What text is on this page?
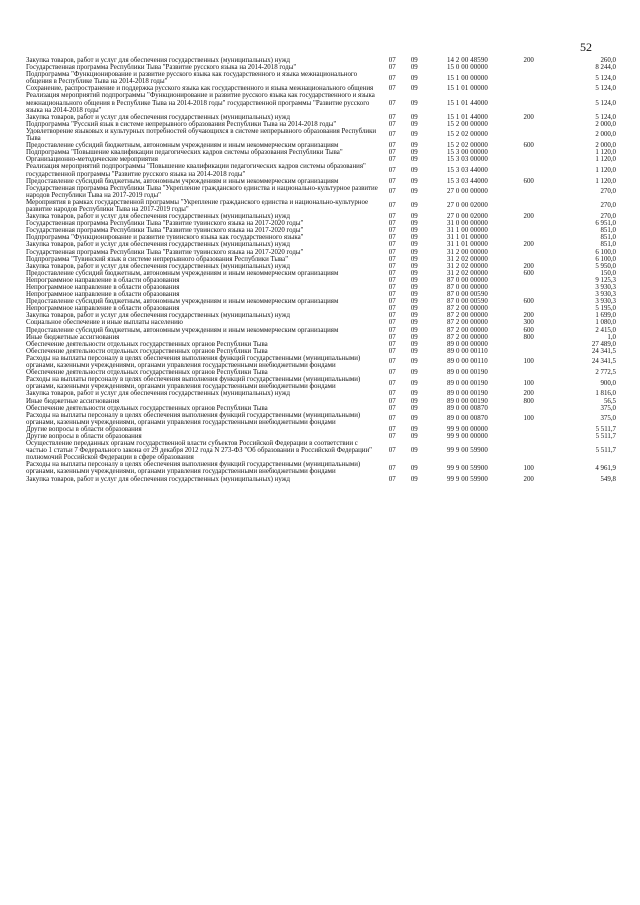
52
Закупка товаров, работ и услуг для обеспечения государственных (муниципальных) нужд	07	09	14 2 00 48590	200	260,0
Государственная программа Республики Тыва "Развитие русского языка на 2014-2018 годы"	07	09	15 0 00 00000		8 244,0
Подпрограмма "Функционирование и развитие русского языка как государственного и языка межнационального общения в Республике Тыва на 2014-2018 годы"	07	09	15 1 00 00000		5 124,0
Сохранение, распространение и поддержка русского языка как государственного и языка межнационального общения	07	09	15 1 01 00000		5 124,0
Реализация мероприятий подпрограммы "Функционирование и развитие русского языка как государственного и языка межнационального общения в Республике Тыва на 2014-2018 годы" государственной программы "Развитие русского языка на 2014-2018 годы"	07	09	15 1 01 44000		5 124,0
Закупка товаров, работ и услуг для обеспечения государственных (муниципальных) нужд	07	09	15 1 01 44000	200	5 124,0
Подпрограмма "Русский язык в системе непрерывного образования Республики Тыва на 2014-2018 годы"	07	09	15 2 00 00000		2 000,0
Удовлетворение языковых и культурных потребностей обучающихся в системе непрерывного образования Республики Тыва	07	09	15 2 02 00000		2 000,0
Предоставление субсидий бюджетным, автономным учреждениям и иным некоммерческим организациям	07	09	15 2 02 00000	600	2 000,0
Подпрограмма "Повышение квалификации педагогических кадров системы образования Республики Тыва"	07	09	15 3 00 00000		1 120,0
Организационно-методические мероприятия	07	09	15 3 03 00000		1 120,0
Реализация мероприятий подпрограммы "Повышение квалификации педагогических кадров системы образования" государственной программы "Развитие русского языка на 2014-2018 годы"	07	09	15 3 03 44000		1 120,0
Предоставление субсидий бюджетным, автономным учреждениям и иным некоммерческим организациям	07	09	15 3 03 44000	600	1 120,0
Государственная программа Республики Тыва "Укрепление гражданского единства и национально-культурное развитие народов Республики Тыва на 2017-2019 годы"	07	09	27 0 00 00000		270,0
Мероприятия в рамках государственной программы "Укрепление гражданского единства и национально-культурное развитие народов Республики Тыва на 2017-2019 годы"	07	09	27 0 00 02000		270,0
Закупка товаров, работ и услуг для обеспечения государственных (муниципальных) нужд	07	09	27 0 00 02000	200	270,0
Государственная программа Республики Тыва "Развитие тувинского языка на 2017-2020 годы"	07	09	31 0 00 00000		6 951,0
Государственная программа Республики Тыва "Развитие тувинского языка на 2017-2020 годы"	07	09	31 1 00 00000		851,0
Подпрограмма "Функционирование и развитие тувинского языка как государственного языка"	07	09	31 1 01 00000		851,0
Закупка товаров, работ и услуг для обеспечения государственных (муниципальных) нужд	07	09	31 1 01 00000	200	851,0
Государственная программа Республики Тыва "Развитие тувинского языка на 2017-2020 годы"	07	09	31 2 00 00000		6 100,0
Подпрограмма "Тувинский язык в системе непрерывного образования Республики Тыва"	07	09	31 2 02 00000		6 100,0
Закупка товаров, работ и услуг для обеспечения государственных (муниципальных) нужд	07	09	31 2 02 00000	200	5 950,0
Предоставление субсидий бюджетным, автономным учреждениям и иным некоммерческим организациям	07	09	31 2 02 00000	600	150,0
Непрограммное направление в области образования	07	09	87 0 00 00000		9 125,3
Непрограммное направление в области образования	07	09	87 0 00 00000		3 930,3
Непрограммное направление в области образования	07	09	87 0 00 00590		3 930,3
Предоставление субсидий бюджетным, автономным учреждениям и иным некоммерческим организациям	07	09	87 0 00 00590	600	3 930,3
Непрограммное направление в области образования	07	09	87 2 00 00000		5 195,0
Закупка товаров, работ и услуг для обеспечения государственных (муниципальных) нужд	07	09	87 2 00 00000	200	1 699,0
Социальное обеспечение и иные выплаты населению	07	09	87 2 00 00000	300	1 080,0
Предоставление субсидий бюджетным, автономным учреждениям и иным некоммерческим организациям	07	09	87 2 00 00000	600	2 415,0
Иные бюджетные ассигнования	07	09	87 2 00 00000	800	1,0
Обеспечение деятельности отдельных государственных органов Республики Тыва	07	09	89 0 00 00000		27 489,0
Обеспечение деятельности отдельных государственных органов Республики Тыва	07	09	89 0 00 00110		24 341,5
Расходы на выплаты персоналу в целях обеспечения выполнения функций государственными (муниципальными) органами, казенными учреждениями, органами управления государственными внебюджетными фондами	07	09	89 0 00 00110	100	24 341,5
Обеспечение деятельности отдельных государственных органов Республики Тыва	07	09	89 0 00 00190		2 772,5
Расходы на выплаты персоналу в целях обеспечения выполнения функций государственными (муниципальными) органами, казенными учреждениями, органами управления государственными внебюджетными фондами	07	09	89 0 00 00190	100	900,0
Закупка товаров, работ и услуг для обеспечения государственных (муниципальных) нужд	07	09	89 0 00 00190	200	1 816,0
Иные бюджетные ассигнования	07	09	89 0 00 00190	800	56,5
Обеспечение деятельности отдельных государственных органов Республики Тыва	07	09	89 0 00 00870		375,0
Расходы на выплаты персоналу в целях обеспечения выполнения функций государственными (муниципальными) органами, казенными учреждениями, органами управления государственными внебюджетными фондами	07	09	89 0 00 00870	100	375,0
Другие вопросы в области образования	07	09	99 9 00 00000		5 511,7
Другие вопросы в области образования	07	09	99 9 00 00000		5 511,7
Осуществление переданных органам государственной власти субъектов Российской Федерации в соответствии с частью 1 статьи 7 Федерального закона от 29 декабря 2012 года N 273-ФЗ "Об образовании в Российской Федерации" полномочий Российской Федерации в сфере образования	07	09	99 9 00 59900		5 511,7
Расходы на выплаты персоналу в целях обеспечения выполнения функций государственными (муниципальными) органами, казенными учреждениями, органами управления государственными внебюджетными фондами	07	09	99 9 00 59900	100	4 961,9
Закупка товаров, работ и услуг для обеспечения государственных (муниципальных) нужд	07	09	99 9 00 59900	200	549,8
